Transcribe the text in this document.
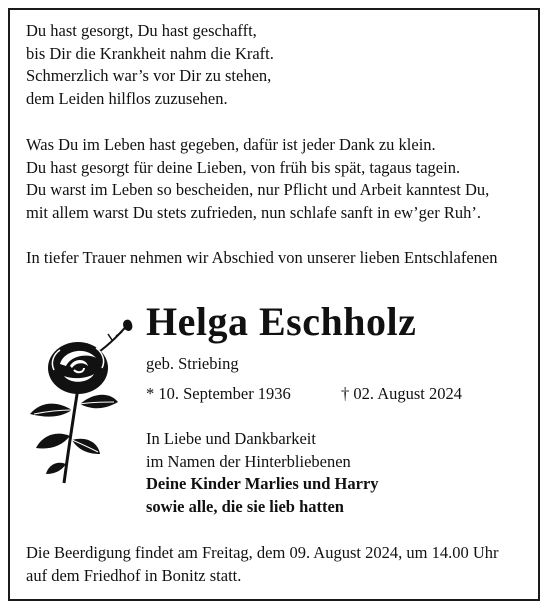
Du hast gesorgt, Du hast geschafft,
bis Dir die Krankheit nahm die Kraft.
Schmerzlich war’s vor Dir zu stehen,
dem Leiden hilflos zuzusehen.
Was Du im Leben hast gegeben, dafür ist jeder Dank zu klein.
Du hast gesorgt für deine Lieben, von früh bis spät, tagaus tagein.
Du warst im Leben so bescheiden, nur Pflicht und Arbeit kanntest Du,
mit allem warst Du stets zufrieden, nun schlafe sanft in ew’ger Ruh’.
In tiefer Trauer nehmen wir Abschied von unserer lieben Entschlafenen
Helga Eschholz
geb. Striebing
* 10. September 1936	† 02. August 2024
In Liebe und Dankbarkeit
im Namen der Hinterbliebenen
Deine Kinder Marlies und Harry
sowie alle, die sie lieb hatten
Die Beerdigung findet am Freitag, dem 09. August 2024, um 14.00 Uhr
auf dem Friedhof in Bonitz statt.
